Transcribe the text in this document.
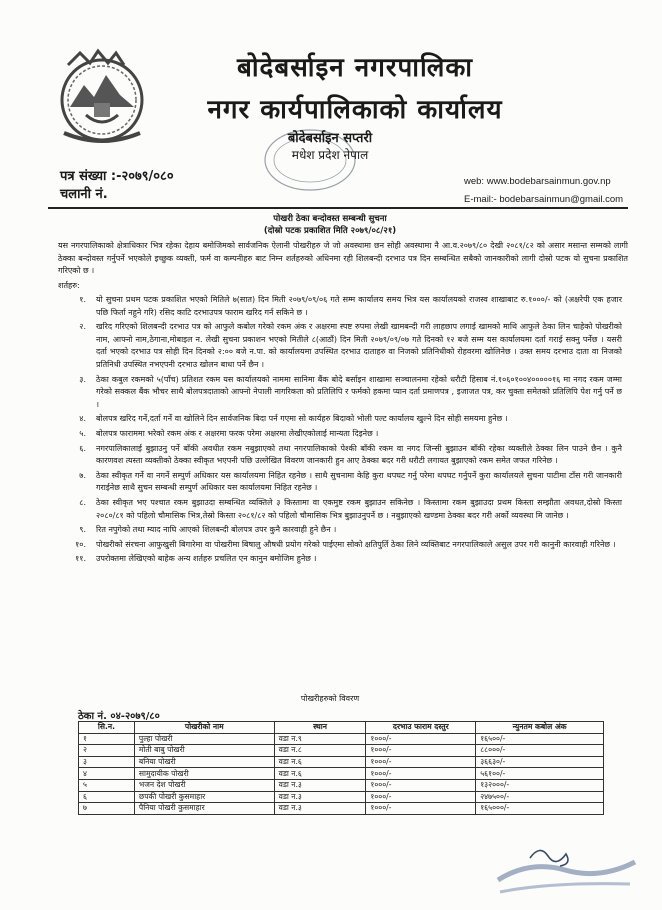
बोदेबर्साइन नगरपालिका
नगर कार्यपालिकाको कार्यालय
बोदेबर्साइन सप्तरी
मधेश प्रदेश नेपाल
पत्र संख्या :-२०७९/०८०
चलानी नं.
web: www.bodebarsainmun.gov.np
E-mail:- bodebarsainmun@gmail.com
पोखरी ठेका बन्दोवस्त सम्बन्धी सुचना
(दोस्रो पटक प्रकाशित मिति २०७९/०८/२१)
यस नगरपालिकाको क्षेत्राधिकार भित्र रहेका देहाय बमोजिमको सार्वजनिक ऐलानी पोखरीहरु जे जो अवस्थामा छन सोही अवस्थामा नै आ.व.२०७९/८० देखी २०८१/८२ को असार मसान्त सम्मको लागी ठेक्का बन्दोवस्त गर्नुपर्ने भएकोले इच्छुक व्यक्ती, फर्म वा कम्पनीहरु बाट निम्न शर्तहरुको अधिनमा रही शिलबन्दी दरभाउ पत्र दिन सम्बन्धित सबैको जानकारीको लागी दोस्रो पटक यो सुचना प्रकाशित गरिएको छ ।
शर्तहरु:
१.	यो सुचना प्रथम पटक प्रकाशित भएको मितिले ७(सात) दिन मिती २०७९/०९/०६ गते सम्म कार्यालय समय भित्र यस कार्यालयको राजस्व शाखाबाट रु.१०००/- को (अक्षरेपी एक हजार पछि फिर्ता नहुने गरि) रसिद काटि दरभाउपत्र फाराम खरिद गर्न सकिने छ ।
२.	खरिद गरिएको शिलबन्दी दरभाउ पत्र को आफुले कबोल गरेको रकम अंक र अक्षरमा स्पष्ट रुपमा लेखी खामबन्दी गरी लाहछाप लगाई खामको माथि आफुले ठेका लिन चाहेको पोखरीको नाम, आफ्नो नाम,ठेगाना,मोबाइल न. लेखी सुचना प्रकाशन भएको मितीले ८(आठौं) दिन मिती २०७९/०९/०७ गते दिनको १२ बजे सम्म यस कार्यालयमा दर्ता गराई सक्नु पर्नेछ । यसरी दर्ता भएको दरभाउ पत्र सोही दिन दिनको २:०० बजे न.पा. को कार्यालयमा उपस्थित दरभाउ दाताहरु वा निजको प्रतिनिधीको रोहवरमा खोलिनेछ । उक्त समय दरभाउ दाता वा निजको प्रतिनिधी उपस्थित नभएपनी दरभाउ खोलन बाधा पर्ने छैन ।
३.	ठेका कबुल रकमको ५(पाँच) प्रतिशत रकम यस कार्यालयको नाममा सानिमा बैंक बोदे बर्साइन शाखामा सञ्चालनमा रहेको धरौटी हिसाब नं.१०६०१००४०००००१६ मा नगद रकम जम्मा गरेको सक्कल बैंक भौचर साथै बोलपत्रदाताको आफ्नो नेपाली नागरिकता को प्रतिलिपि र फर्मको हकमा प्यान दर्ता प्रमाणपत्र , इजाजत पत्र, कर चुक्ता समेतको प्रतिलिपि पेश गर्नु पर्ने छ ।
४.	बोलपत्र खरिद गर्ने,दर्ता गर्ने वा खोलिने दिन सार्वजनिक बिदा पर्न गएमा सो कार्यहरु बिदाको भोली पल्ट कार्यालय खुल्ने दिन सोही समयमा हुनेछ ।
५.	बोलपत्र फाराममा भरेको रकम अंक र अक्षरमा फरक परेमा अक्षरमा लेखीएकोलाई मान्यता दिइनेछ ।
६.	नगरपालिकालाई बुझाउनु पर्ने बाँकी अवधीत रकम नबुझाएको तथा नगरपालिकाको पेश्की बाँकी रकम वा नगद जिन्सी बुझाउन बाँकी रहेका व्यक्तीले ठेक्का लिन पाउने छैन । कुनै कारणवश त्यस्ता व्यक्तीको ठेक्का स्वीकृत भएपनी पछि उल्लेखित विवरण जानकारी हुन आए ठेक्का बदर गरी धरौटी लगायत बुझाएको रकम समेत जफत गरिनेछ ।
७.	ठेका स्वीकृत गर्ने वा नगर्ने सम्पुर्ण अधिकार यस कार्यालयमा निहित रहनेछ । साथै सुचनामा केहि कुरा थपघट गर्नु परेमा थपघट गर्नुपर्ने कुरा कार्यालयले सुचना पाटीमा टाँस गरी जानकारी गराईनेछ साथै सुचन सम्बन्धी सम्पुर्ण अधिकार यस कार्यालयमा निहित रहनेछ ।
८.	ठेका स्वीकृत भए पश्चात रकम बुझाउदा सम्बन्धित व्यक्तिले ३ किस्तामा वा एकमुष्ट रकम बुझाउन सकिनेछ । किस्तामा रकम बुझाउदा प्रथम किस्ता सम्झौता अवधत,दोस्रो किस्ता २०८०/८१ को पहिलो चौमासिक भित्र,तेस्रो किस्ता २०८१/८२ को पहिलो चौमासिक भित्र बुझाउनुपर्ने छ । नबुझाएको खण्डमा ठेक्का बदर गरी अर्को व्यवस्था मि जानेछ ।
९.	रित नपुगेको तथा म्याद नाघि आएको शिलबन्दी बोलपत्र उपर कुनै कारवाही हुने छैन ।
१०.	पोखरीको संरचना आफुखुसी बिगारेमा वा पोखरीमा बिषालु औषधी प्रयोग गरेको पाईएमा सोको क्षतिपुर्ति ठेका लिने व्यक्तिबाट नगरपालिकाले असुल उपर गरी कानुनी कारवाही गरिनेछ ।
११.	उपरोक्तमा लेखिएको बाहेक अन्य शर्तहरु प्रचलित एन कानुन बमोजिम हुनेछ ।
पोखरीहरुको विवरण
ठेका नं. ०४-२०७९/८०
सि.न.	पोखरीको नाम	स्थान	दरभाउ फाराम दस्तुर	न्युनतम कबोल अंक
१	पुल्हा पोखरी	वडा न.९	१०००/-	१६५००/-
२	मोती बाबु पोखरी	वडा न.८	१०००/-	८८०००/-
३	बनिया पोखरी	वडा न.६	१०००/-	३६६३०/-
४	सामुदायीक पोखरी	वडा न.६	१०००/-	५६१००/-
५	भजन देश पोखरी	वडा न.३	१०००/-	१३२०००/-
६	छपकी पोखरी कुसमाहार	वडा न.३	१०००/-	२४७५००/-
७	पैनिया पोखरी कुसमाहार	वडा न.३	१०००/-	१६५०००/-
